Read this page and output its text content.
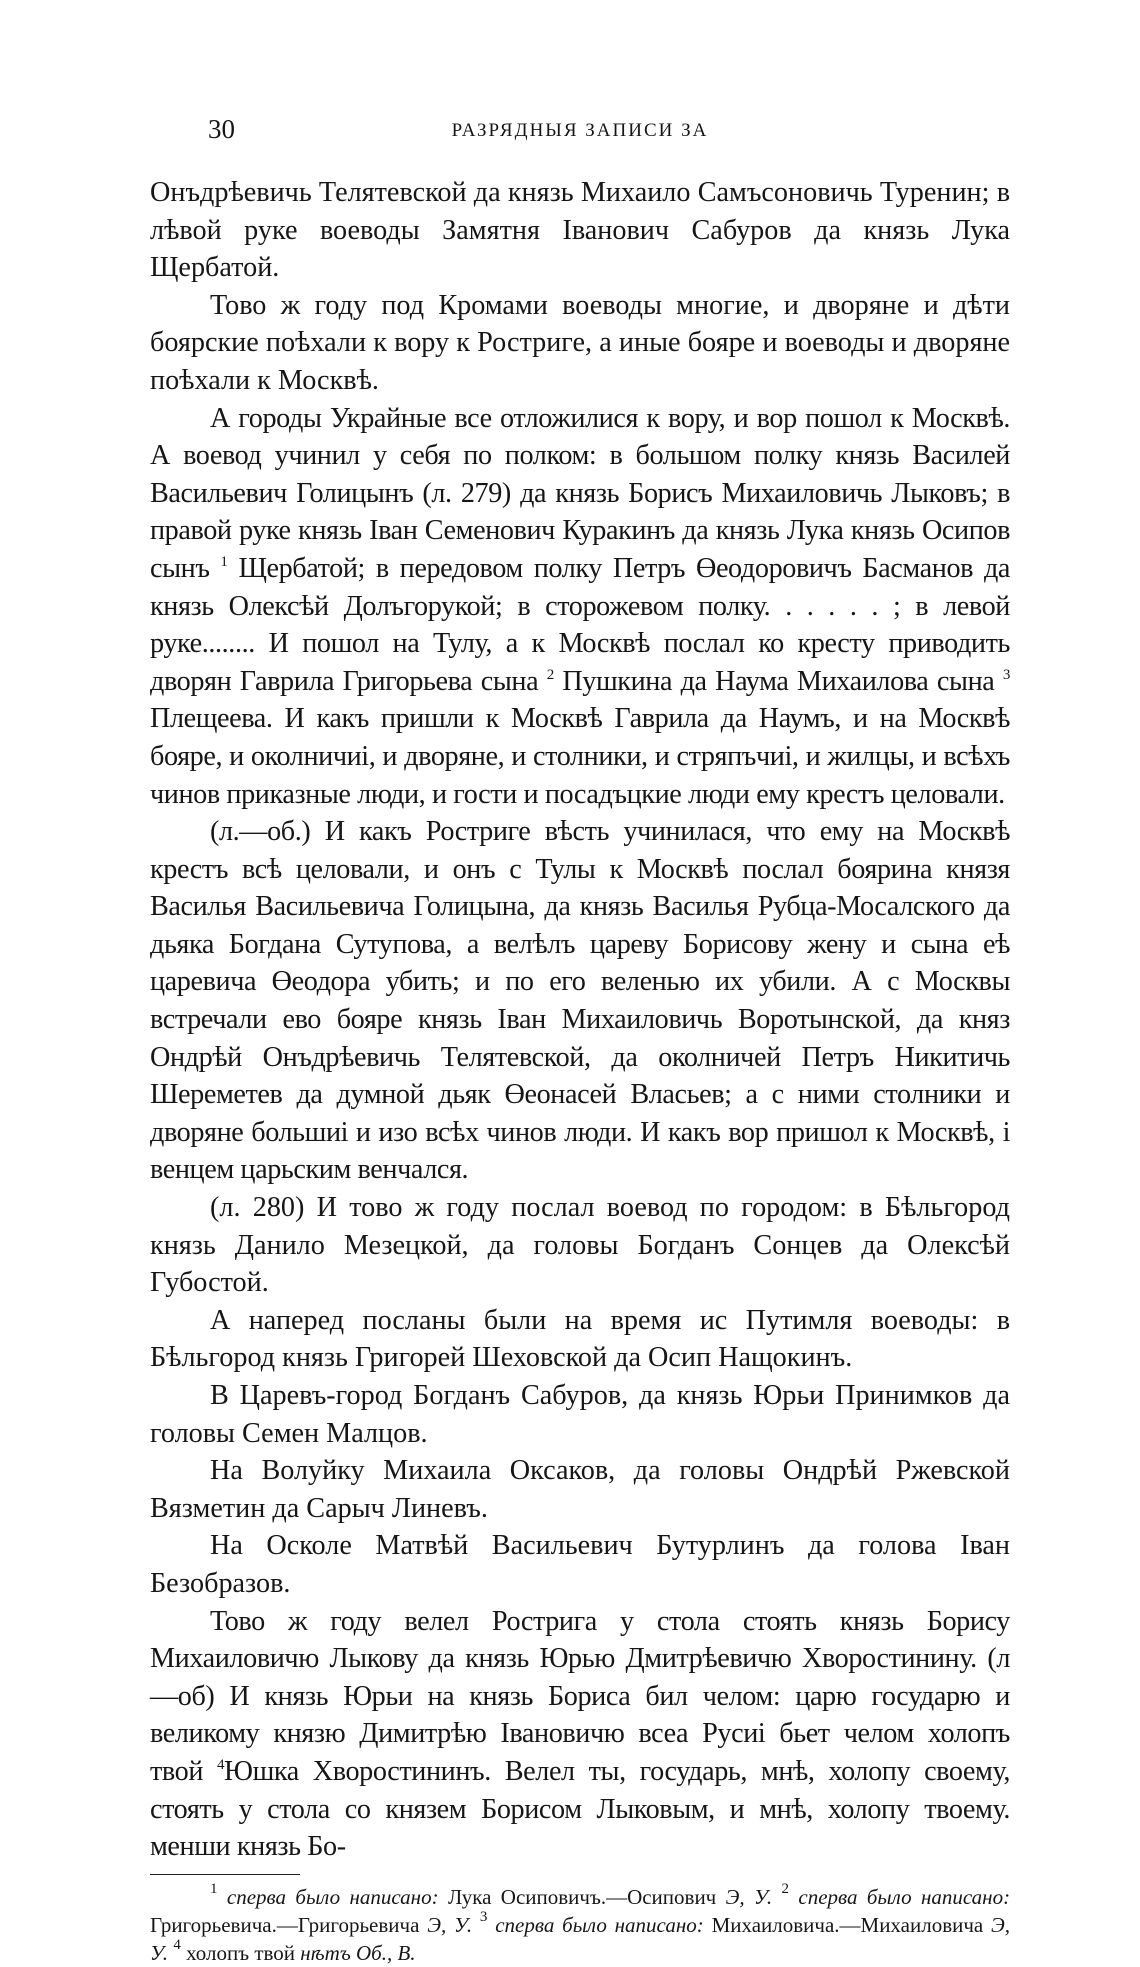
30	РАЗРЯДНЫЯ ЗАПИСИ ЗА

Онъдрѣевичь Телятевской да князь Михаило Самъсоновичь Туренин; в лѣвой руке воеводы Замятня Іванович Сабуров да князь Лука Щербатой.

Тово ж году под Кромами воеводы многие, и дворяне и дѣти боярские поѣхали к вору к Ростриге, а иные бояре и воеводы и дворяне поѣхали к Москвѣ.

А городы Украйные все отложилися к вору, и вор пошол к Москвѣ. А воевод учинил у себя по полком: в большом полку князь Василей Васильевич Голицынъ (л. 279) да князь Борисъ Михаиловичь Лыковъ; в правой руке князь Іван Семенович Куракинъ да князь Лука князь Осипов сынъ $^1$ Щербатой; в передовом полку Петръ Өеодоровичъ Басманов да князь Олексѣй Долъгорукой; в сторожевом полку. . . . . . ; в левой руке........ И пошол на Тулу, а к Москвѣ послал ко кресту приводить дворян Гаврила Григорьева сына $^2$ Пушкина да Наума Михаилова сына $^3$ Плещеева. И какъ пришли к Москвѣ Гаврила да Наумъ, и на Москвѣ бояре, и околничиі, и дворяне, и столники, и стряпъчиі, и жилцы, и всѣхъ чинов приказные люди, и гости и посадъцкие люди ему крестъ целовали.

(л.—об.) И какъ Ростриге вѣсть учинилася, что ему на Москвѣ крестъ всѣ целовали, и онъ с Тулы к Москвѣ послал боярина князя Василья Васильевича Голицына, да князь Василья Рубца-Мосалского да дьяка Богдана Сутупова, а велѣлъ цареву Борисову жену и сына еѣ царевича Өеодора убить; и по его веленью их убили. А с Москвы встречали ево бояре князь Іван Михаиловичь Воротынской, да княз Ондрѣй Онъдрѣевичь Телятевской, да околничей Петръ Никитичь Шереметев да думной дьяк Өеонасей Власьев; а с ними столники и дворяне большиі и изо всѣх чинов люди. И какъ вор пришол к Москвѣ, і венцем царьским венчался.

(л. 280) И тово ж году послал воевод по городом: в Бѣльгород князь Данило Мезецкой, да головы Богданъ Сонцев да Олексѣй Губостой.

А наперед посланы были на время ис Путимля воеводы: в Бѣльгород князь Григорей Шеховской да Осип Нащокинъ.

В Царевъ-город Богданъ Сабуров, да князь Юрьи Принимков да головы Семен Малцов.

На Волуйку Михаила Оксаков, да головы Ондрѣй Ржевской Вязметин да Сарыч Линевъ.

На Осколе Матвѣй Васильевич Бутурлинъ да голова Іван Безобразов.

Тово ж году велел Рострига у стола стоять князь Борису Михаиловичю Лыкову да князь Юрью Дмитрѣевичю Хворостинину. (л—об) И князь Юрьи на князь Бориса бил челом: царю государю и великому князю Димитрѣю Івановичю всеа Русиі бьет челом холопъ твой $^4$Юшка Хворостининъ. Велел ты, государь, мнѣ, холопу своему, стоять у стола со князем Борисом Лыковым, и мнѣ, холопу твоему. менши князь Бо-

$^1$ сперва было написано: Лука Осиповичъ.—Осипович Э, У. $^2$ сперва было написано: Григорьевича.—Григорьевича Э, У. $^3$ сперва было написано: Михаиловича.—Михаиловича Э, У. $^4$ холопъ твой нѣтъ Об., В.
